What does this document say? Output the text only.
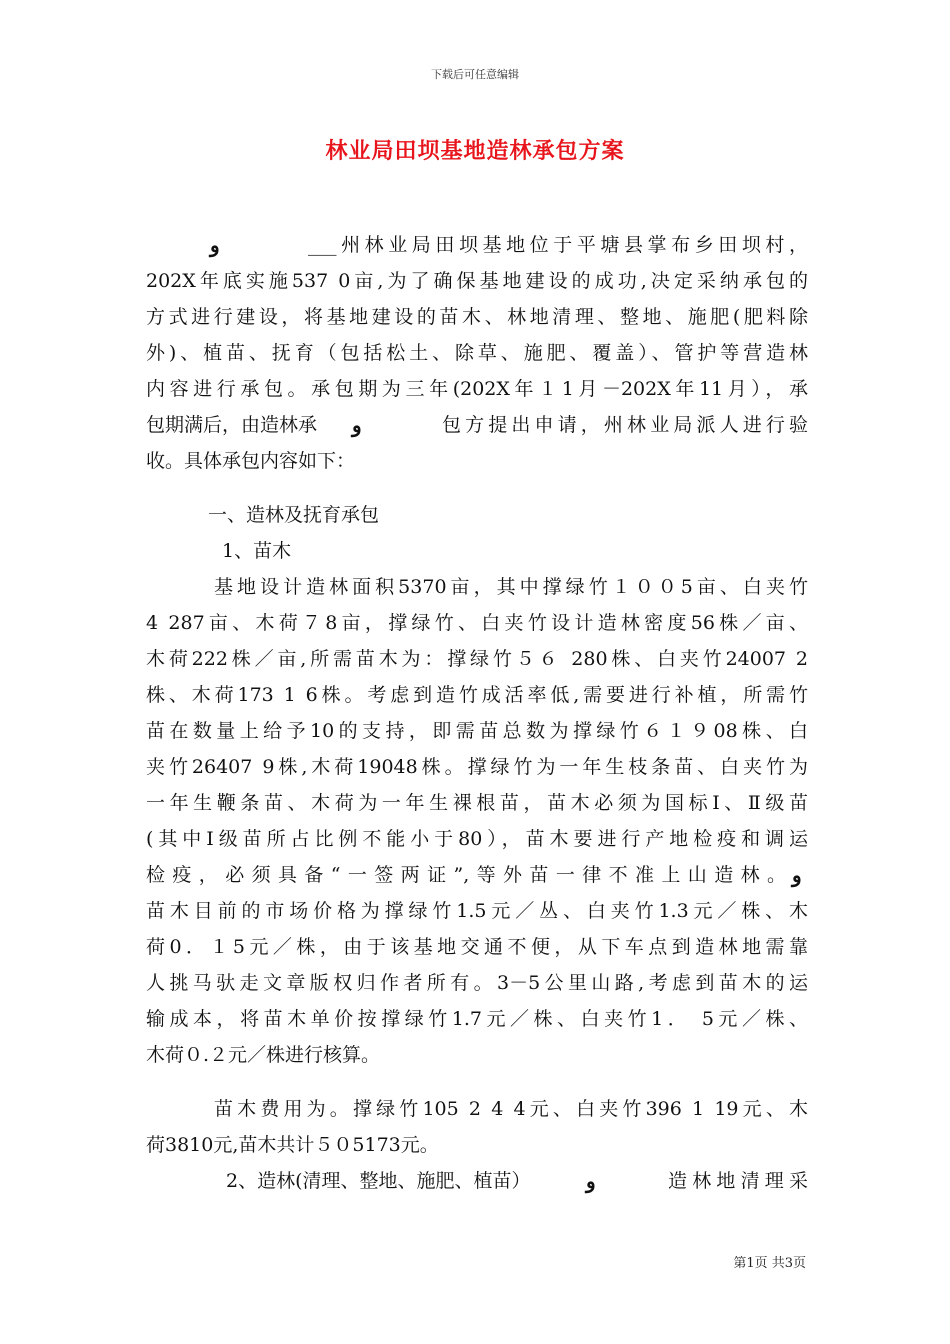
下载后可任意编辑
林业局田坝基地造林承包方案
و	___州林业局田坝基地位于平塘县掌布乡田坝村，
202X年底实施537 0亩,为了确保基地建设的成功,决定采纳承包的
方式进行建设，将基地建设的苗木、林地清理、整地、施肥(肥料除
外)、植苗、抚育（包括松土、除草、施肥、覆盖）、管护等营造林
内容进行承包。承包期为三年(202X年１1月－202X年11月），承
包期满后，由造林承 و	包方提出申请，州林业局派人进行验
收。具体承包内容如下：
一、造林及抚育承包
1、苗木
基地设计造林面积5370亩，其中撑绿竹１００5亩、白夹竹
4 287亩、木荷７8亩，撑绿竹、白夹竹设计造林密度56株／亩、
木荷222株／亩,所需苗木为：撑绿竹５６ 280株、白夹竹24007 2
株、木荷173 1 6株。考虑到造竹成活率低,需要进行补植，所需竹
苗在数量上给予10的支持，即需苗总数为撑绿竹６１９08株、白
夹竹26407 9株,木荷19048株。撑绿竹为一年生枝条苗、白夹竹为
一年生鞭条苗、木荷为一年生裸根苗，苗木必须为国标Ⅰ、Ⅱ级苗
(其中Ⅰ级苗所占比例不能小于80），苗木要进行产地检疫和调运
检疫，必须具备“一签两证”,等外苗一律不准上山造林。 و
苗木目前的市场价格为撑绿竹1.5元／丛、白夹竹1.3元／株、木
荷0．１5元／株，由于该基地交通不便，从下车点到造林地需靠
人挑马驮走文章版权归作者所有。3－5公里山路,考虑到苗木的运
输成本，将苗木单价按撑绿竹1.7元／株、白夹竹1． 5元／株、
木荷０.２元／株进行核算。
苗木费用为。撑绿竹105 2 4 4元、白夹竹396 1 19元、木
荷3810元,苗木共计５０5173元。
2、造林(清理、整地、施肥、植苗）	و	造林地清理采
第1页 共3页
